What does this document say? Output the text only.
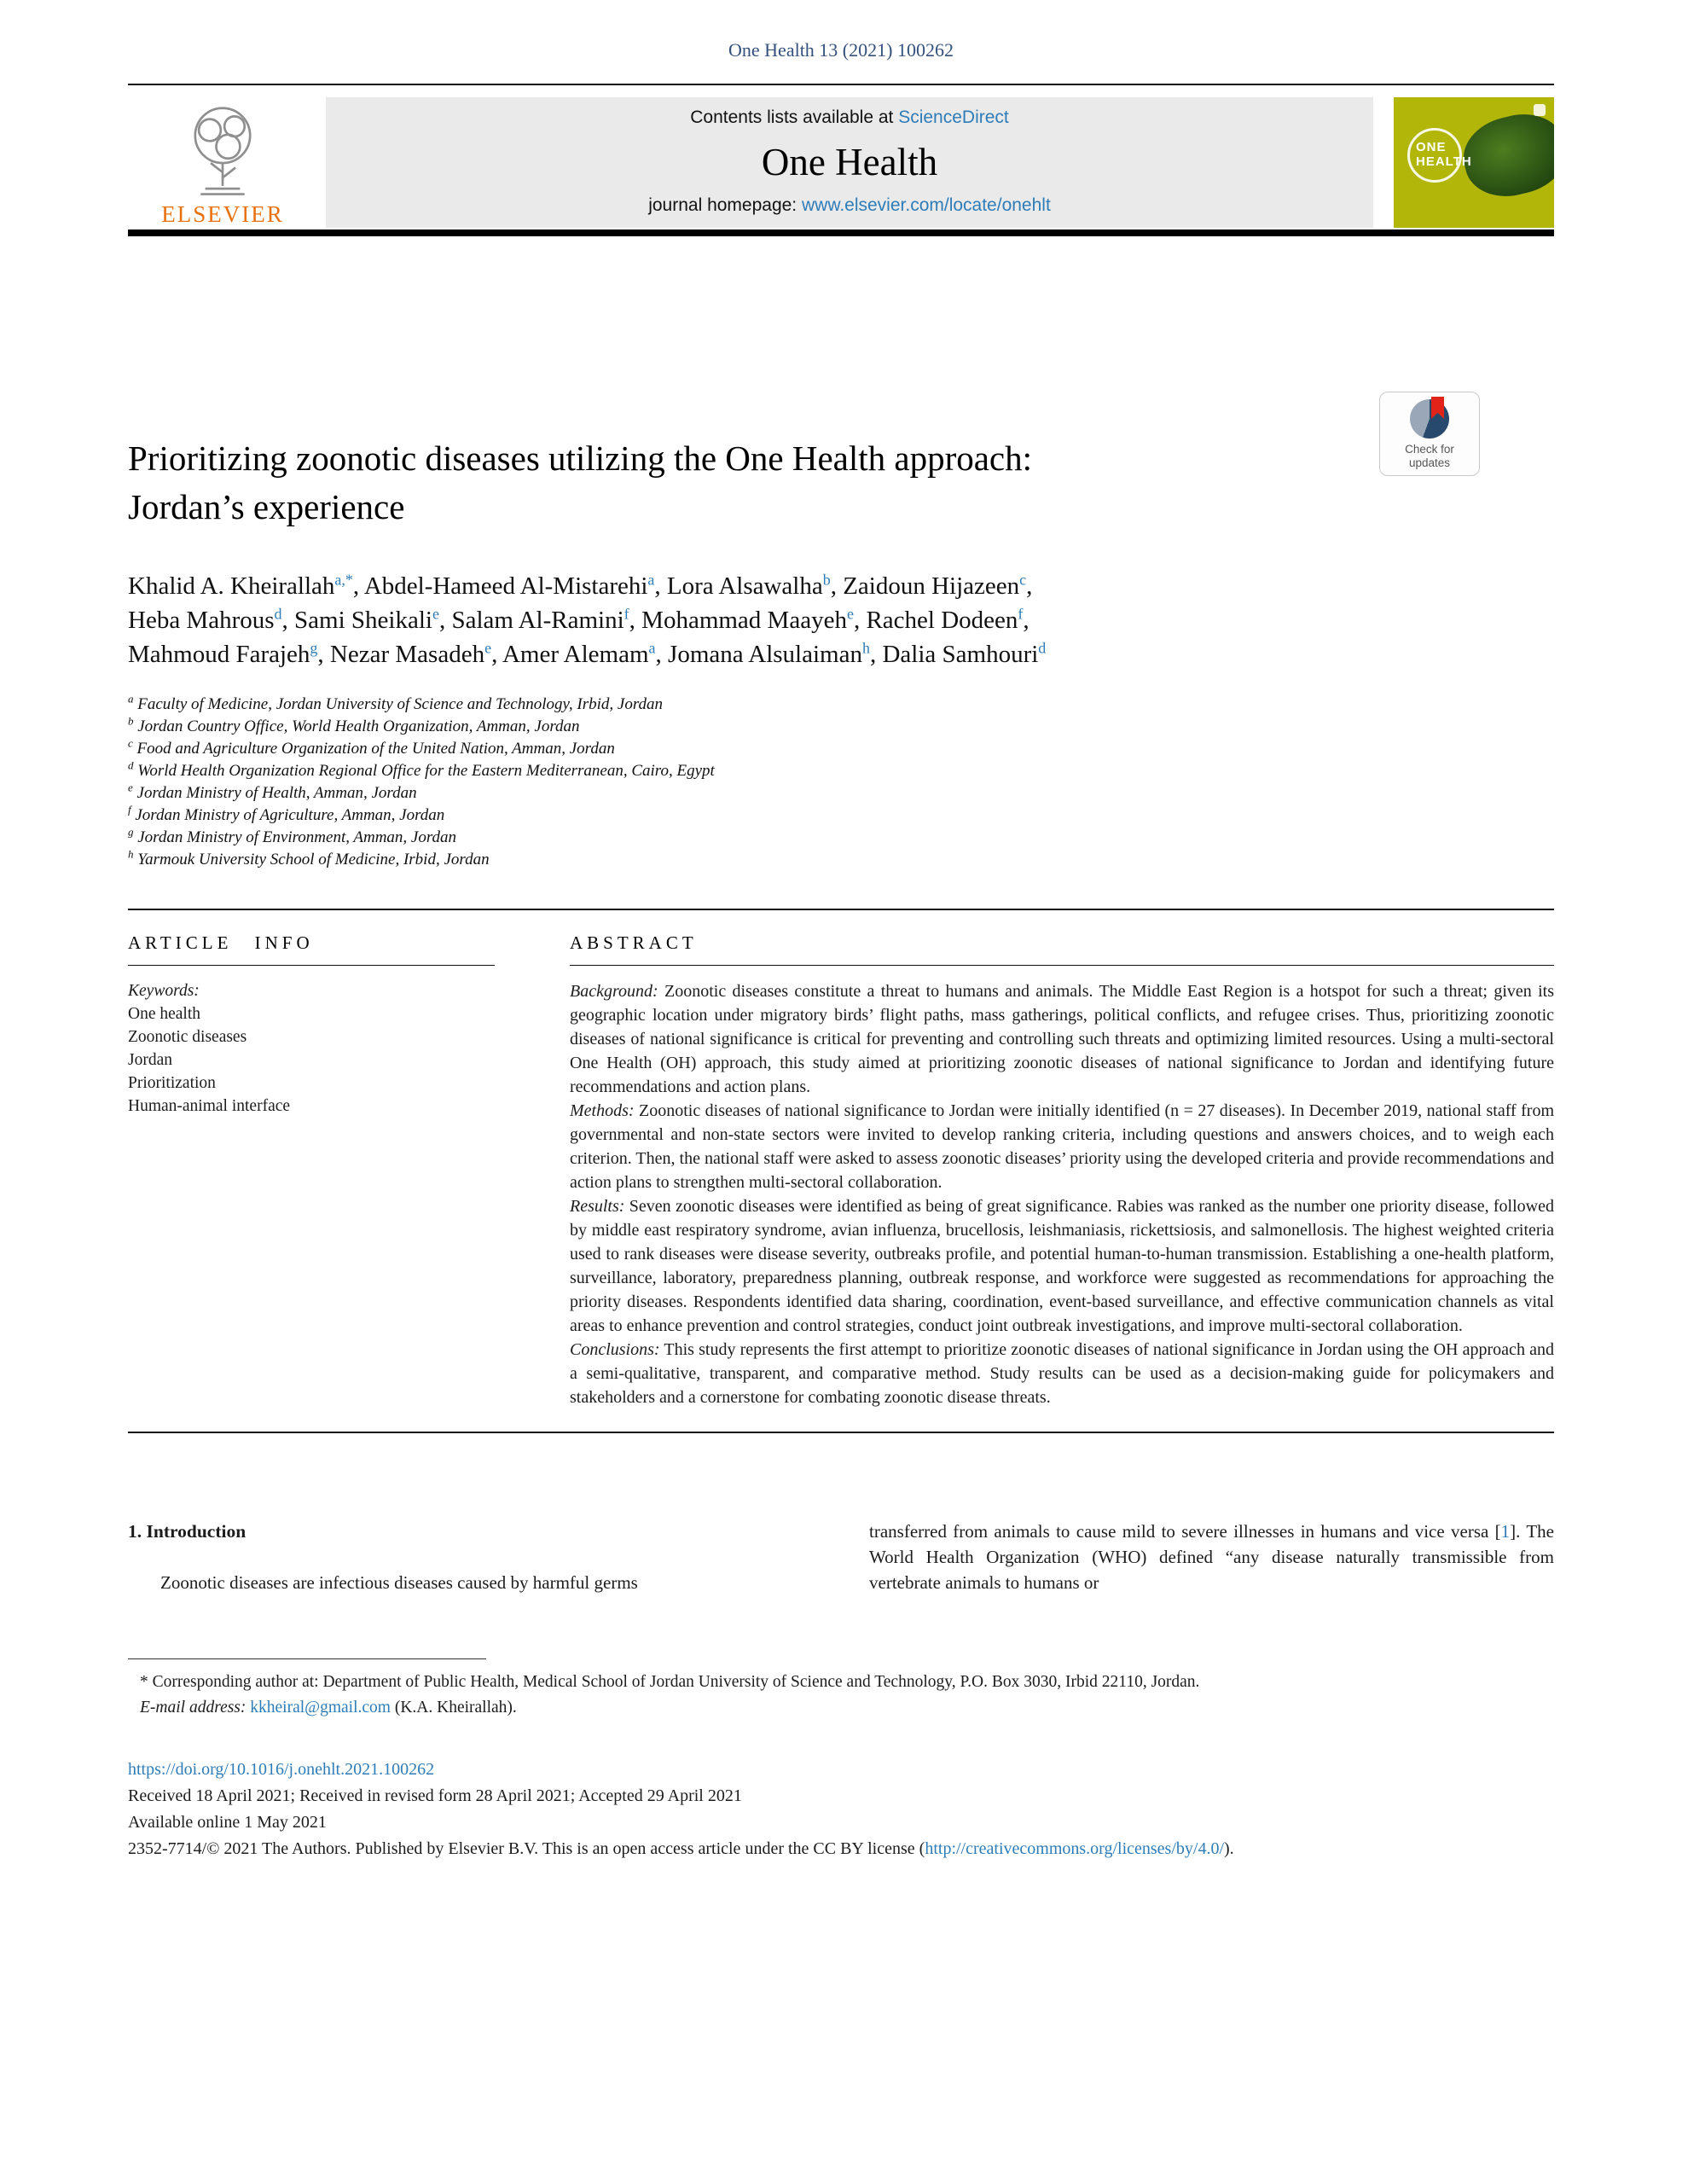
One Health 13 (2021) 100262
ELSEVIER
Contents lists available at ScienceDirect
One Health
journal homepage: www.elsevier.com/locate/onehlt
ONE
HEALTH
Check for
updates
Prioritizing zoonotic diseases utilizing the One Health approach:
Jordan’s experience
Khalid A. Kheirallah$^{a,*}$, Abdel-Hameed Al-Mistarehi$^a$, Lora Alsawalha$^b$, Zaidoun Hijazeen$^c$,
Heba Mahrous$^d$, Sami Sheikali$^e$, Salam Al-Ramini$^f$, Mohammad Maayeh$^e$, Rachel Dodeen$^f$,
Mahmoud Farajeh$^g$, Nezar Masadeh$^e$, Amer Alemam$^a$, Jomana Alsulaiman$^h$, Dalia Samhouri$^d$
$^a$ Faculty of Medicine, Jordan University of Science and Technology, Irbid, Jordan
$^b$ Jordan Country Office, World Health Organization, Amman, Jordan
$^c$ Food and Agriculture Organization of the United Nation, Amman, Jordan
$^d$ World Health Organization Regional Office for the Eastern Mediterranean, Cairo, Egypt
$^e$ Jordan Ministry of Health, Amman, Jordan
$^f$ Jordan Ministry of Agriculture, Amman, Jordan
$^g$ Jordan Ministry of Environment, Amman, Jordan
$^h$ Yarmouk University School of Medicine, Irbid, Jordan
ARTICLE INFO
Keywords:
One health
Zoonotic diseases
Jordan
Prioritization
Human-animal interface
ABSTRACT

Background: Zoonotic diseases constitute a threat to humans and animals. The Middle East Region is a hotspot for such a threat; given its geographic location under migratory birds’ flight paths, mass gatherings, political conflicts, and refugee crises. Thus, prioritizing zoonotic diseases of national significance is critical for preventing and controlling such threats and optimizing limited resources. Using a multi-sectoral One Health (OH) approach, this study aimed at prioritizing zoonotic diseases of national significance to Jordan and identifying future recommendations and action plans.

Methods: Zoonotic diseases of national significance to Jordan were initially identified (n = 27 diseases). In December 2019, national staff from governmental and non-state sectors were invited to develop ranking criteria, including questions and answers choices, and to weigh each criterion. Then, the national staff were asked to assess zoonotic diseases’ priority using the developed criteria and provide recommendations and action plans to strengthen multi-sectoral collaboration.

Results: Seven zoonotic diseases were identified as being of great significance. Rabies was ranked as the number one priority disease, followed by middle east respiratory syndrome, avian influenza, brucellosis, leishmaniasis, rickettsiosis, and salmonellosis. The highest weighted criteria used to rank diseases were disease severity, outbreaks profile, and potential human-to-human transmission. Establishing a one-health platform, surveillance, laboratory, preparedness planning, outbreak response, and workforce were suggested as recommendations for approaching the priority diseases. Respondents identified data sharing, coordination, event-based surveillance, and effective communication channels as vital areas to enhance prevention and control strategies, conduct joint outbreak investigations, and improve multi-sectoral collaboration.

Conclusions: This study represents the first attempt to prioritize zoonotic diseases of national significance in Jordan using the OH approach and a semi-qualitative, transparent, and comparative method. Study results can be used as a decision-making guide for policymakers and stakeholders and a cornerstone for combating zoonotic disease threats.

1. Introduction

Zoonotic diseases are infectious diseases caused by harmful germs

transferred from animals to cause mild to severe illnesses in humans and vice versa [1]. The World Health Organization (WHO) defined “any disease naturally transmissible from vertebrate animals to humans or
* Corresponding author at: Department of Public Health, Medical School of Jordan University of Science and Technology, P.O. Box 3030, Irbid 22110, Jordan.
E-mail address: kkheiral@gmail.com (K.A. Kheirallah).
https://doi.org/10.1016/j.onehlt.2021.100262
Received 18 April 2021; Received in revised form 28 April 2021; Accepted 29 April 2021
Available online 1 May 2021
2352-7714/© 2021 The Authors. Published by Elsevier B.V. This is an open access article under the CC BY license (http://creativecommons.org/licenses/by/4.0/).
